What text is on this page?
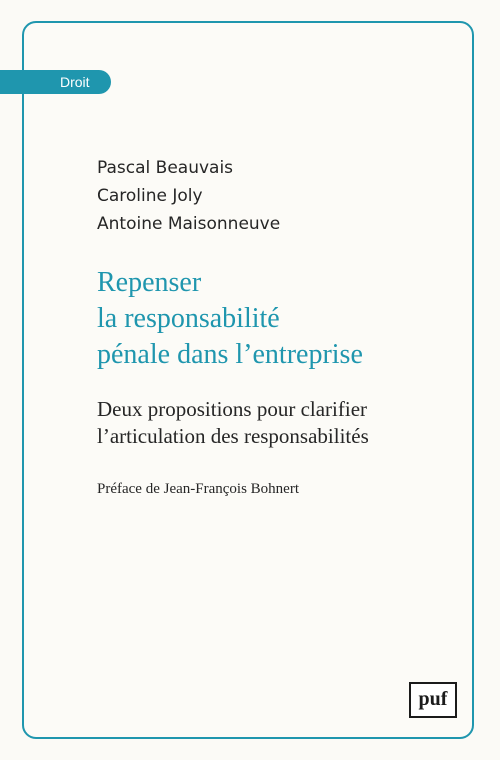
Droit
Pascal Beauvais
Caroline Joly
Antoine Maisonneuve
Repenser
la responsabilité
pénale dans l’entreprise
Deux propositions pour clarifier
l’articulation des responsabilités
Préface de Jean-François Bohnert
puf
